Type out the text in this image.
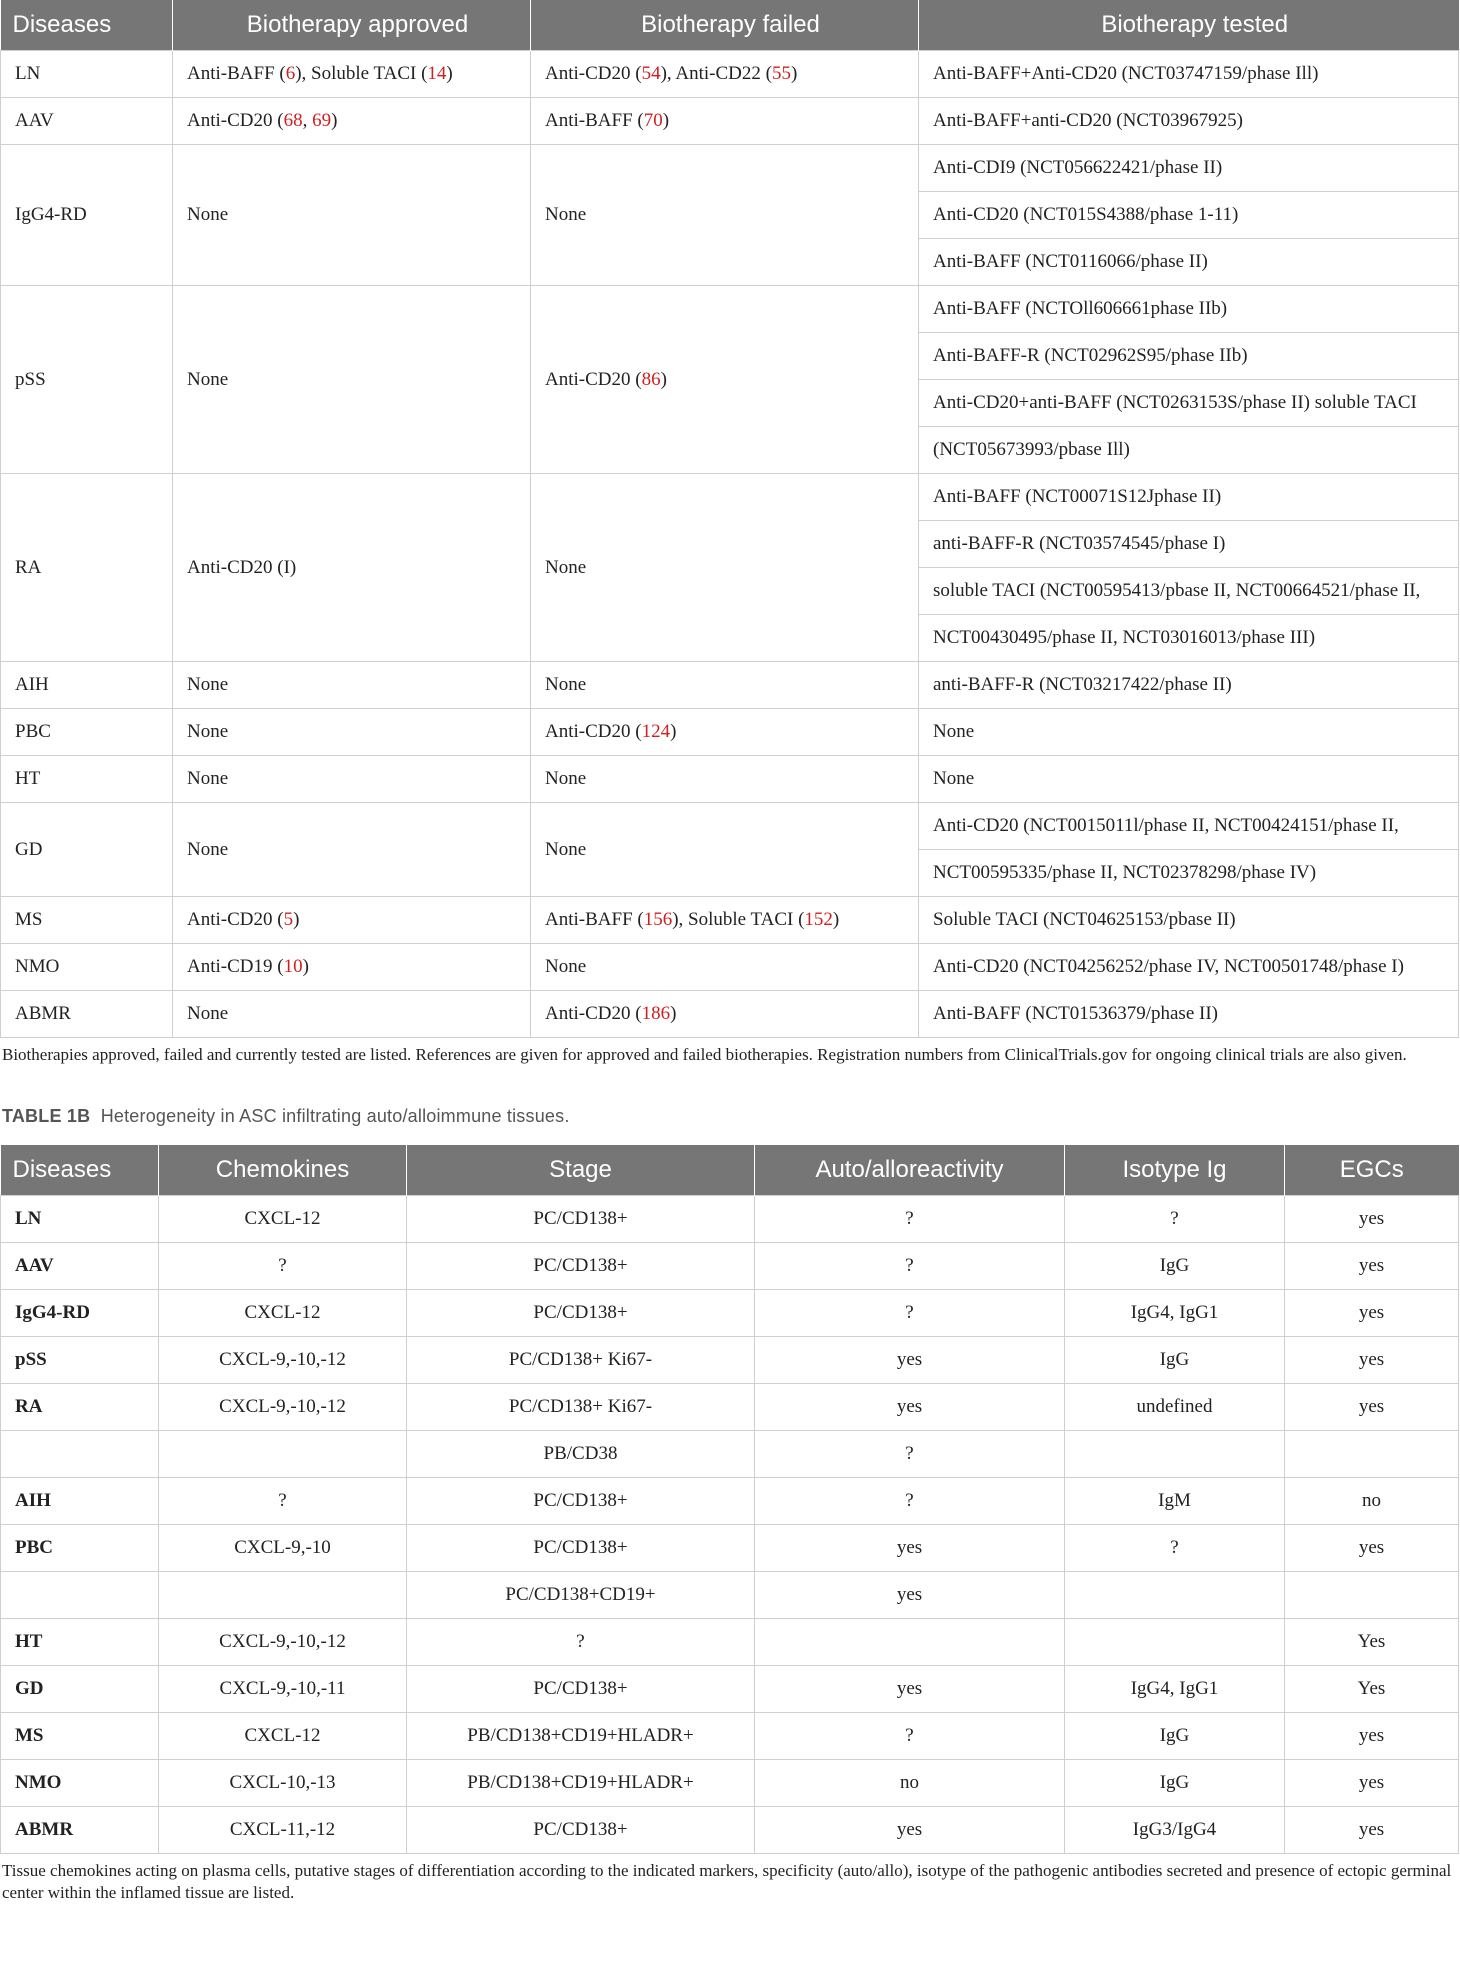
Diseases	Biotherapy approved	Biotherapy failed	Biotherapy tested
LN	Anti-BAFF (6), Soluble TACI (14)	Anti-CD20 (54), Anti-CD22 (55)	Anti-BAFF+Anti-CD20 (NCT03747159/phase Ill)
AAV	Anti-CD20 (68, 69)	Anti-BAFF (70)	Anti-BAFF+anti-CD20 (NCT03967925)
IgG4-RD	None	None	Anti-CDI9 (NCT056622421/phase II)
			Anti-CD20 (NCT015S4388/phase 1-11)
			Anti-BAFF (NCT0116066/phase II)
pSS	None	Anti-CD20 (86)	Anti-BAFF (NCTOll606661phase IIb)
			Anti-BAFF-R (NCT02962S95/phase IIb)
			Anti-CD20+anti-BAFF (NCT0263153S/phase II) soluble TACI
			(NCT05673993/pbase Ill)
RA	Anti-CD20 (I)	None	Anti-BAFF (NCT00071S12Jphase II)
			anti-BAFF-R (NCT03574545/phase I)
			soluble TACI (NCT00595413/pbase II, NCT00664521/phase II,
			NCT00430495/phase II, NCT03016013/phase III)
AIH	None	None	anti-BAFF-R (NCT03217422/phase II)
PBC	None	Anti-CD20 (124)	None
HT	None	None	None
GD	None	None	Anti-CD20 (NCT0015011l/phase II, NCT00424151/phase II,
			NCT00595335/phase II, NCT02378298/phase IV)
MS	Anti-CD20 (5)	Anti-BAFF (156), Soluble TACI (152)	Soluble TACI (NCT04625153/pbase II)
NMO	Anti-CD19 (10)	None	Anti-CD20 (NCT04256252/phase IV, NCT00501748/phase I)
ABMR	None	Anti-CD20 (186)	Anti-BAFF (NCT01536379/phase II)
Biotherapies approved, failed and currently tested are listed. References are given for approved and failed biotherapies. Registration numbers from ClinicalTrials.gov for ongoing clinical trials are also given.
TABLE 1B Heterogeneity in ASC infiltrating auto/alloimmune tissues.
Diseases	Chemokines	Stage	Auto/alloreactivity	Isotype Ig	EGCs
LN	CXCL-12	PC/CD138+	?	?	yes
AAV	?	PC/CD138+	?	IgG	yes
IgG4-RD	CXCL-12	PC/CD138+	?	IgG4, IgG1	yes
pSS	CXCL-9,-10,-12	PC/CD138+ Ki67-	yes	IgG	yes
RA	CXCL-9,-10,-12	PC/CD138+ Ki67-	yes	undefined	yes
		PB/CD38	?		
AIH	?	PC/CD138+	?	IgM	no
PBC	CXCL-9,-10	PC/CD138+	yes	?	yes
		PC/CD138+CD19+	yes		
HT	CXCL-9,-10,-12	?			Yes
GD	CXCL-9,-10,-11	PC/CD138+	yes	IgG4, IgG1	Yes
MS	CXCL-12	PB/CD138+CD19+HLADR+	?	IgG	yes
NMO	CXCL-10,-13	PB/CD138+CD19+HLADR+	no	IgG	yes
ABMR	CXCL-11,-12	PC/CD138+	yes	IgG3/IgG4	yes
Tissue chemokines acting on plasma cells, putative stages of differentiation according to the indicated markers, specificity (auto/allo), isotype of the pathogenic antibodies secreted and presence of ectopic germinal center within the inflamed tissue are listed.
